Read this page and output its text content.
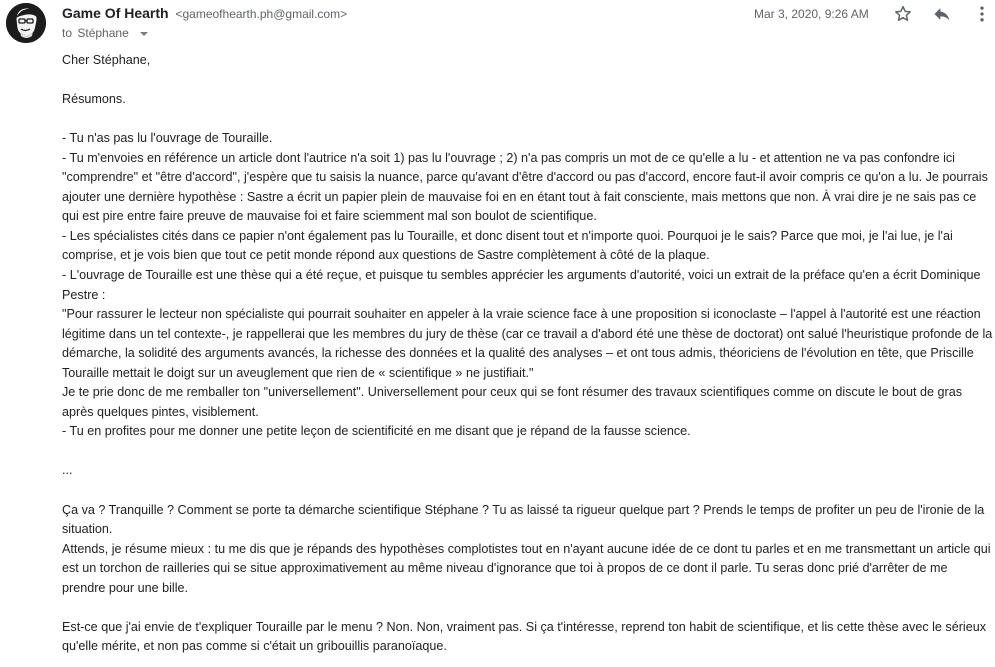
Game Of Hearth <gameofhearth.ph@gmail.com>
to Stéphane
Mar 3, 2020, 9:26 AM

Cher Stéphane,

Résumons.

- Tu n'as pas lu l'ouvrage de Touraille.

- Tu m'envoies en référence un article dont l'autrice n'a soit 1) pas lu l'ouvrage ; 2) n'a pas compris un mot de ce qu'elle a lu - et attention ne va pas confondre ici "comprendre" et "être d'accord", j'espère que tu saisis la nuance, parce qu'avant d'être d'accord ou pas d'accord, encore faut-il avoir compris ce qu'on a lu. Je pourrais ajouter une dernière hypothèse : Sastre a écrit un papier plein de mauvaise foi en en étant tout à fait consciente, mais mettons que non. À vrai dire je ne sais pas ce qui est pire entre faire preuve de mauvaise foi et faire sciemment mal son boulot de scientifique.

- Les spécialistes cités dans ce papier n'ont également pas lu Touraille, et donc disent tout et n'importe quoi. Pourquoi je le sais? Parce que moi, je l'ai lue, je l'ai comprise, et je vois bien que tout ce petit monde répond aux questions de Sastre complètement à côté de la plaque.

- L'ouvrage de Touraille est une thèse qui a été reçue, et puisque tu sembles apprécier les arguments d'autorité, voici un extrait de la préface qu'en a écrit Dominique Pestre :

"Pour rassurer le lecteur non spécialiste qui pourrait souhaiter en appeler à la vraie science face à une proposition si iconoclaste – l'appel à l'autorité est une réaction légitime dans un tel contexte-, je rappellerai que les membres du jury de thèse (car ce travail a d'abord été une thèse de doctorat) ont salué l'heuristique profonde de la démarche, la solidité des arguments avancés, la richesse des données et la qualité des analyses – et ont tous admis, théoriciens de l'évolution en tête, que Priscille Touraille mettait le doigt sur un aveuglement que rien de « scientifique » ne justifiait."

Je te prie donc de me remballer ton "universellement". Universellement pour ceux qui se font résumer des travaux scientifiques comme on discute le bout de gras après quelques pintes, visiblement.

- Tu en profites pour me donner une petite leçon de scientificité en me disant que je répand de la fausse science.

...

Ça va ? Tranquille ? Comment se porte ta démarche scientifique Stéphane ? Tu as laissé ta rigueur quelque part ? Prends le temps de profiter un peu de l'ironie de la situation.

Attends, je résume mieux : tu me dis que je répands des hypothèses complotistes tout en n'ayant aucune idée de ce dont tu parles et en me transmettant un article qui est un torchon de railleries qui se situe approximativement au même niveau d'ignorance que toi à propos de ce dont il parle. Tu seras donc prié d'arrêter de me prendre pour une bille.

Est-ce que j'ai envie de t'expliquer Touraille par le menu ? Non. Non, vraiment pas. Si ça t'intéresse, reprend ton habit de scientifique, et lis cette thèse avec le sérieux qu'elle mérite, et non pas comme si c'était un gribouillis paranoïaque.
